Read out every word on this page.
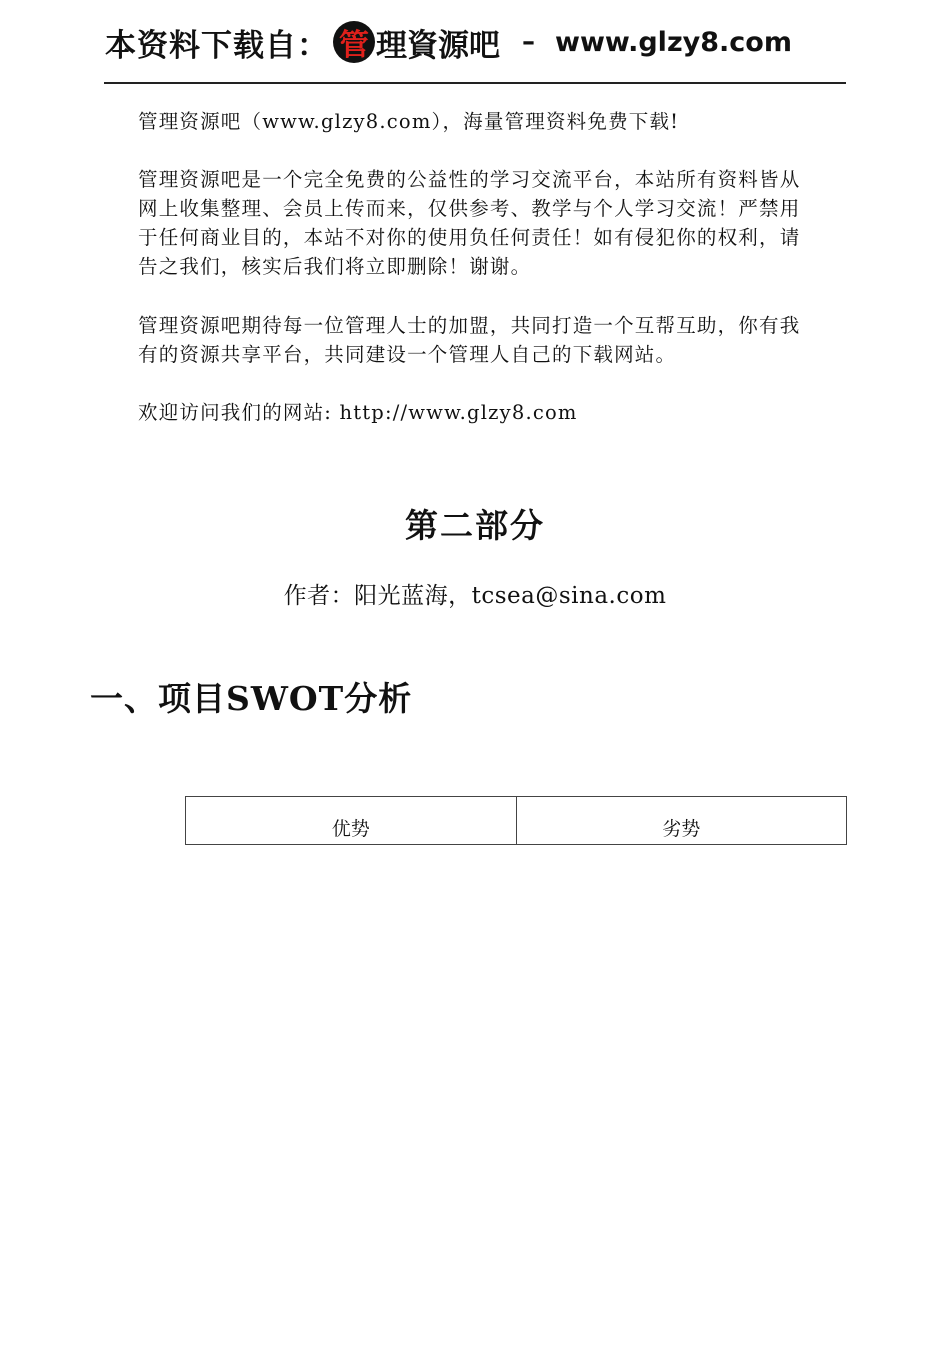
本资料下载自： 管 理資源吧 – www.glzy8.com
管理资源吧（www.glzy8.com），海量管理资料免费下载!
管理资源吧是一个完全免费的公益性的学习交流平台，本站所有资料皆从网上收集整理、会员上传而来，仅供参考、教学与个人学习交流！严禁用于任何商业目的，本站不对你的使用负任何责任！如有侵犯你的权利，请告之我们，核实后我们将立即删除！谢谢。
管理资源吧期待每一位管理人士的加盟，共同打造一个互帮互助，你有我有的资源共享平台，共同建设一个管理人自己的下载网站。
欢迎访问我们的网站: http://www.glzy8.com
第二部分
作者：阳光蓝海，tcsea@sina.com
一、项目SWOT分析
优势	劣势
